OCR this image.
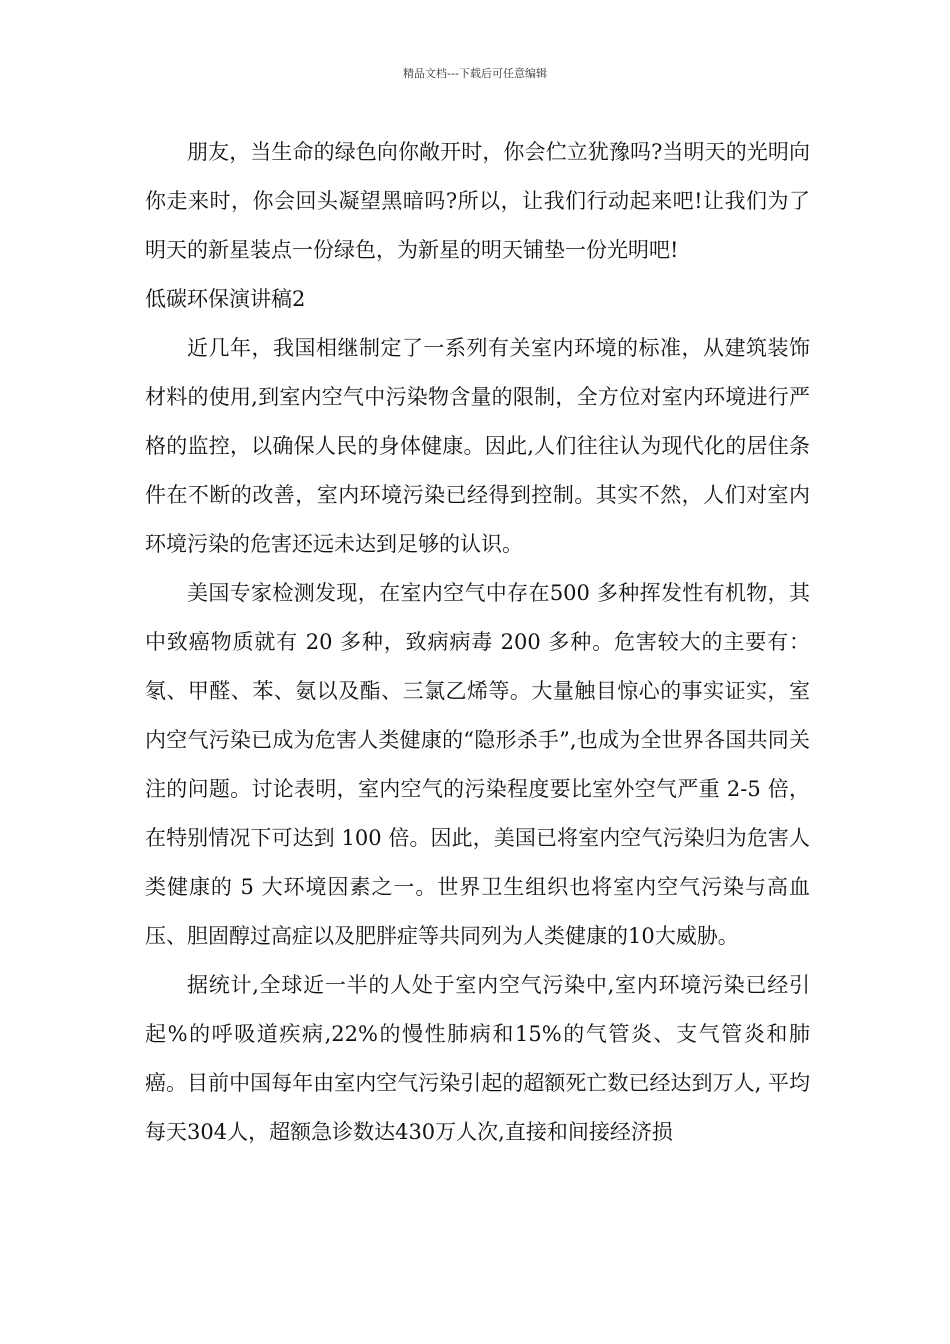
精品文档---下载后可任意编辑

朋友，当生命的绿色向你敞开时，你会伫立犹豫吗?当明天的光明向你走来时，你会回头凝望黑暗吗?所以，让我们行动起来吧!让我们为了明天的新星装点一份绿色，为新星的明天铺垫一份光明吧!

低碳环保演讲稿2

近几年，我国相继制定了一系列有关室内环境的标准，从建筑装饰材料的使用,到室内空气中污染物含量的限制，全方位对室内环境进行严格的监控，以确保人民的身体健康。因此,人们往往认为现代化的居住条件在不断的改善，室内环境污染已经得到控制。其实不然，人们对室内环境污染的危害还远未达到足够的认识。

美国专家检测发现，在室内空气中存在500 多种挥发性有机物，其中致癌物质就有 20 多种，致病病毒 200 多种。危害较大的主要有：氡、甲醛、苯、氨以及酯、三氯乙烯等。大量触目惊心的事实证实，室内空气污染已成为危害人类健康的“隐形杀手”,也成为全世界各国共同关注的问题。讨论表明，室内空气的污染程度要比室外空气严重 2-5 倍，在特别情况下可达到 100 倍。因此，美国已将室内空气污染归为危害人类健康的 5 大环境因素之一。世界卫生组织也将室内空气污染与高血压、胆固醇过高症以及肥胖症等共同列为人类健康的10大威胁。

据统计,全球近一半的人处于室内空气污染中,室内环境污染已经引起%的呼吸道疾病,22%的慢性肺病和15%的气管炎、支气管炎和肺癌。目前中国每年由室内空气污染引起的超额死亡数已经达到万人, 平均每天304人，超额急诊数达430万人次,直接和间接经济损
